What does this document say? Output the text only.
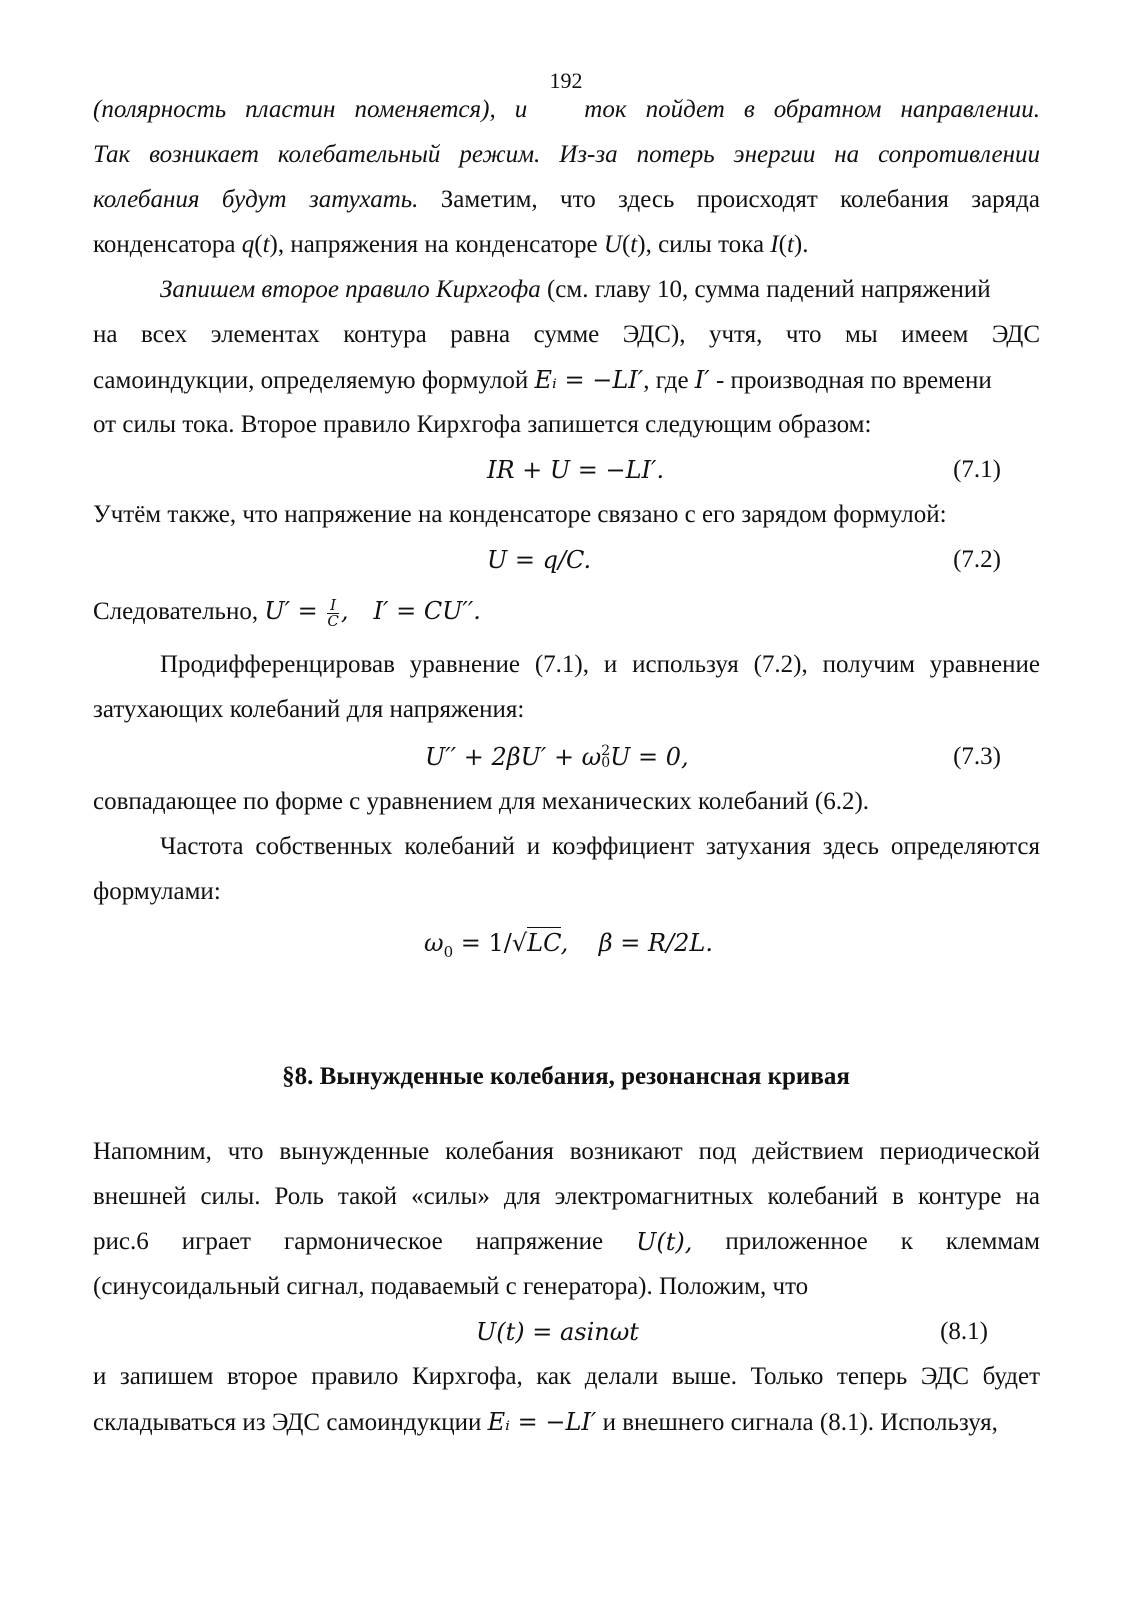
192
(полярность пластин поменяется), и ток пойдет в обратном направлении.
Так возникает колебательный режим. Из-за потерь энергии на сопротивлении
колебания будут затухать. Заметим, что здесь происходят колебания заряда
конденсатора q(t), напряжения на конденсаторе U(t), силы тока I(t).
Запишем второе правило Кирхгофа (см. главу 10, сумма падений напряжений
на всех элементах контура равна сумме ЭДС), учтя, что мы имеем ЭДС
самоиндукции, определяемую формулой Eᵢ = −LI′, где I′ - производная по времени
от силы тока. Второе правило Кирхгофа запишется следующим образом:
IR + U = −LI′.	(7.1)
Учтём также, что напряжение на конденсаторе связано с его зарядом формулой:
U = q/C.	(7.2)
Следовательно, $U' = \frac{I}{C}$ , I′ = CU′′.
Продифференцировав уравнение (7.1), и используя (7.2), получим уравнение
затухающих колебаний для напряжения:
U′′ + 2βU′ + ω 2
0 U = 0,	(7.3)
совпадающее по форме с уравнением для механических колебаний (6.2).
Частота собственных колебаний и коэффициент затухания здесь определяются
формулами:
$\omega_0 = 1/√LC$, β = R/2L.
§8. Вынужденные колебания, резонансная кривая
Напомним, что вынужденные колебания возникают под действием периодической
внешней силы. Роль такой «силы» для электромагнитных колебаний в контуре на
рис.6 играет гармоническое напряжение U(t), приложенное к клеммам
(синусоидальный сигнал, подаваемый с генератора). Положим, что
U(t) = asinωt	(8.1)
и запишем второе правило Кирхгофа, как делали выше. Только теперь ЭДС будет
складываться из ЭДС самоиндукции Eᵢ = −LI′ и внешнего сигнала (8.1). Используя,
